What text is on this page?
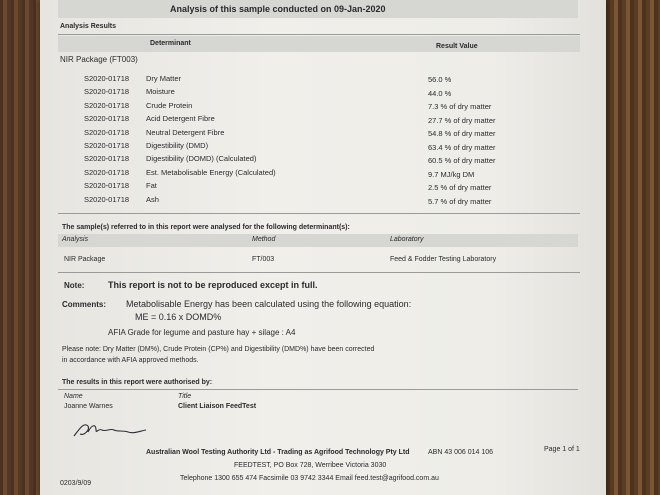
Analysis of this sample conducted on 09-Jan-2020
Analysis Results
Determinant	Result Value
NIR Package (FT003)
S2020-01718 Dry Matter	56.0 %
S2020-01718 Moisture	44.0 %
S2020-01718 Crude Protein	7.3 % of dry matter
S2020-01718 Acid Detergent Fibre	27.7 % of dry matter
S2020-01718 Neutral Detergent Fibre	54.8 % of dry matter
S2020-01718 Digestibility (DMD)	63.4 % of dry matter
S2020-01718 Digestibility (DOMD) (Calculated)	60.5 % of dry matter
S2020-01718 Est. Metabolisable Energy (Calculated)	9.7 MJ/kg DM
S2020-01718 Fat	2.5 % of dry matter
S2020-01718 Ash	5.7 % of dry matter
The sample(s) referred to in this report were analysed for the following determinant(s):
Analysis	Method	Laboratory
NIR Package	FT/003	Feed & Fodder Testing Laboratory
Note:	This report is not to be reproduced except in full.
Comments: Metabolisable Energy has been calculated using the following equation:
ME = 0.16 x DOMD%
AFIA Grade for legume and pasture hay + silage : A4
Please note: Dry Matter (DM%), Crude Protein (CP%) and Digestibility (DMD%) have been corrected
in accordance with AFIA approved methods.
The results in this report were authorised by:
Name	Title
Joanne Warnes	Client Liaison FeedTest
Australian Wool Testing Authority Ltd - Trading as Agrifood Technology Pty Ltd	ABN 43 006 014 106	Page 1 of 1
FEEDTEST, PO Box 728, Werribee Victoria 3030
Telephone 1300 655 474 Facsimile 03 9742 3344 Email feed.test@agrifood.com.au
0203/9/09
